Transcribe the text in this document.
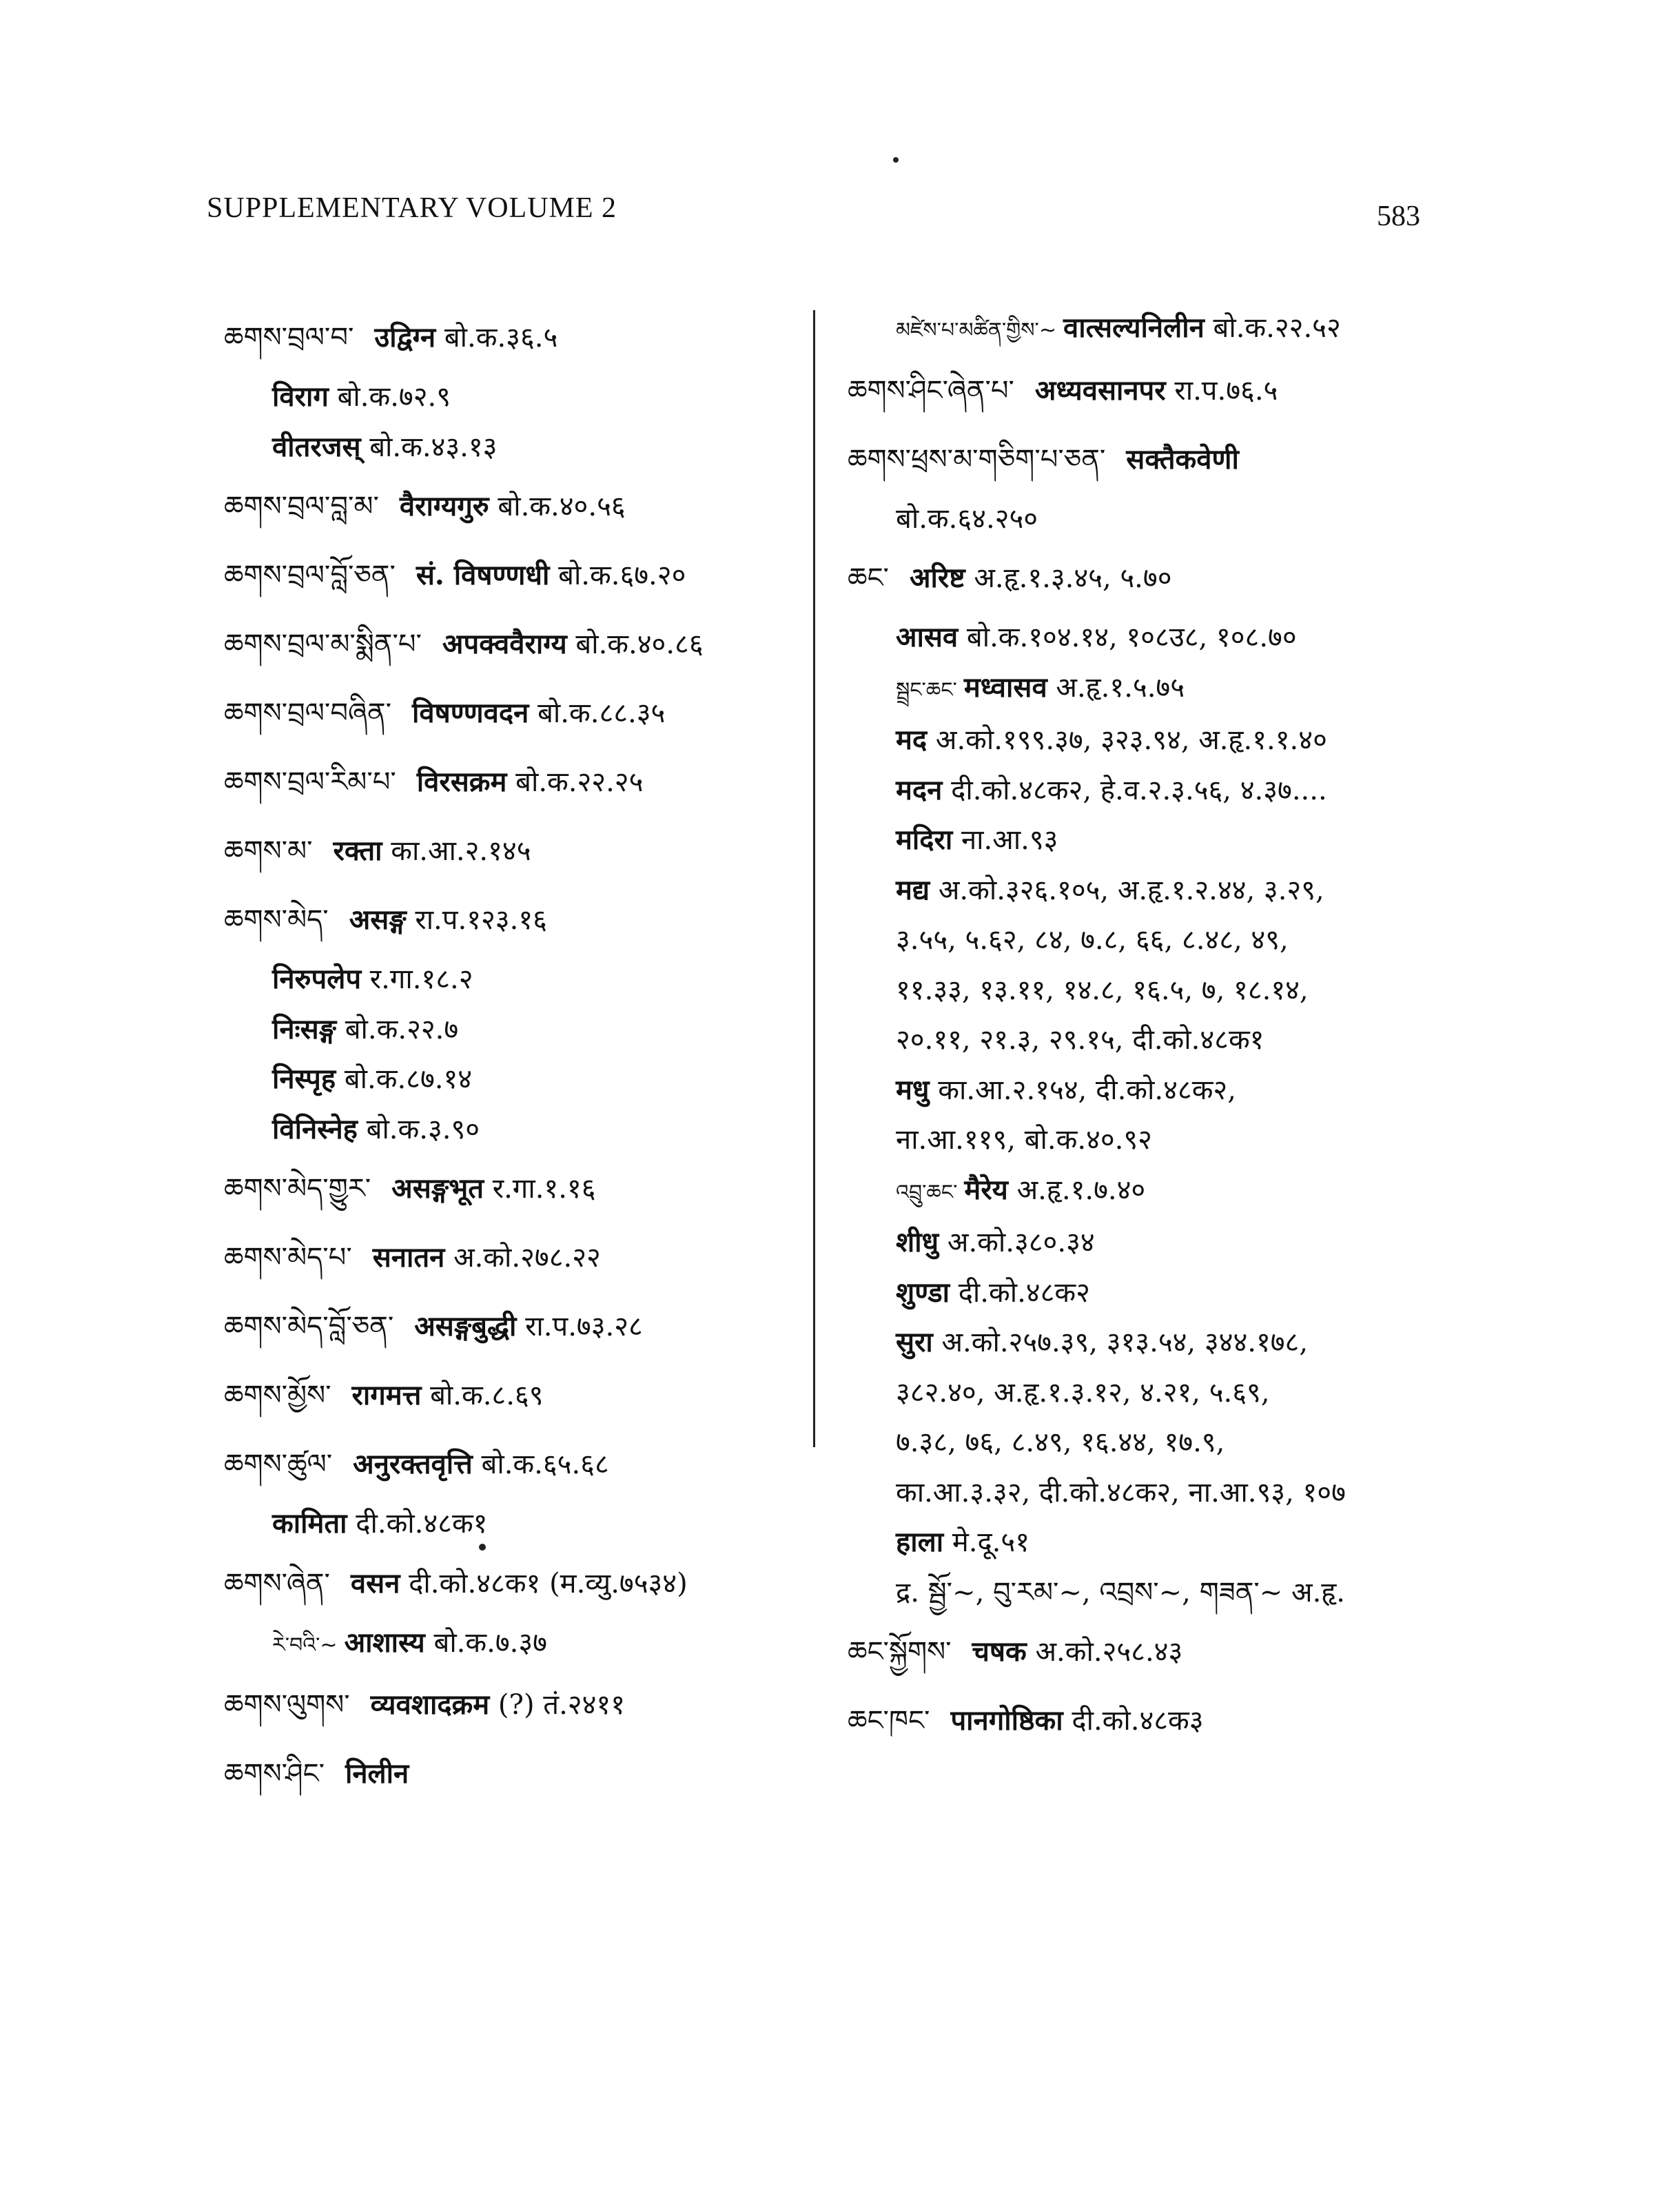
SUPPLEMENTARY VOLUME 2	583
ཆགས་བྲལ་བ་ उद्विग्न बो.क.३६.५
विराग बो.क.७२.९
वीतरजस् बो.क.४३.१३
ཆགས་བྲལ་བླ་མ་ वैराग्यगुरु बो.क.४०.५६
ཆགས་བྲལ་བློ་ཅན་ सं. विषण्णधी बो.क.६७.२०
ཆགས་བྲལ་མ་སྨིན་པ་ अपक्ववैराग्य बो.क.४०.८६
ཆགས་བྲལ་བཞིན་ विषण्णवदन बो.क.८८.३५
ཆགས་བྲལ་རིམ་པ་ विरसक्रम बो.क.२२.२५
ཆགས་མ་ रक्ता का.आ.२.१४५
ཆགས་མེད་ असङ्ग रा.प.१२३.१६
निरुपलेप र.गा.१८.२
निःसङ्ग बो.क.२२.७
निस्पृह बो.क.८७.१४
विनिस्नेह बो.क.३.९०
ཆགས་མེད་གྱུར་ असङ्गभूत र.गा.१.१६
ཆགས་མེད་པ་ सनातन अ.को.२७८.२२
ཆགས་མེད་བློ་ཅན་ असङ्गबुद्धी रा.प.७३.२८
ཆགས་མྱོས་ रागमत्त बो.क.८.६९
ཆགས་ཚུལ་ अनुरक्तवृत्ति बो.क.६५.६८
कामिता दी.को.४८क१
ཆགས་ཞེན་ वसन दी.को.४८क१ (म.व्यु.७५३४)
རེ་བའི་~ आशास्य बो.क.७.३७
ཆགས་ལུགས་ व्यवशादक्रम (?) तं.२४११
ཆགས་ཤིང་ निलीन
མཛེས་པ་མཚིན་གྱིས་~ वात्सल्यनिलीन बो.क.२२.५२
ཆགས་ཤིང་ཞེན་པ་ अध्यवसानपर रा.प.७६.५
ཆགས་ཕྲས་མ་གཅིག་པ་ཅན་ सक्तैकवेणी
बो.क.६४.२५०
ཆང་ अरिष्ट अ.हृ.१.३.४५, ५.७०
आसव बो.क.१०४.१४, १०८उ८, १०८.७०
སྦྲང་ཆང་ मध्वासव अ.हृ.१.५.७५
मद अ.को.१९९.३७, ३२३.९४, अ.हृ.१.१.४०
मदन दी.को.४८क२, हे.व.२.३.५६, ४.३७....
मदिरा ना.आ.९३
मद्य अ.को.३२६.१०५, अ.हृ.१.२.४४, ३.२९,
३.५५, ५.६२, ८४, ७.८, ६६, ८.४८, ४९,
११.३३, १३.११, १४.८, १६.५, ७, १८.१४,
२०.११, २१.३, २९.१५, दी.को.४८क१
मधु का.आ.२.१५४, दी.को.४८क२,
ना.आ.११९, बो.क.४०.९२
འབྲུ་ཆང་ मैरेय अ.हृ.१.७.४०
शीधु अ.को.३८०.३४
शुण्डा दी.को.४८क२
सुरा अ.को.२५७.३९, ३१३.५४, ३४४.१७८,
३८२.४०, अ.हृ.१.३.१२, ४.२१, ५.६९,
७.३८, ७६, ८.४९, १६.४४, १७.९,
का.आ.३.३२, दी.को.४८क२, ना.आ.९३, १०७
हाला मे.दू.५१
द्र. སྦྱོ་~, བུ་རམ་~, འབྲས་~, གཟན་~ अ.हृ.
ཆང་སྐྱོགས་ चषक अ.को.२५८.४३
ཆང་ཁང་ पानगोष्ठिका दी.को.४८क३
